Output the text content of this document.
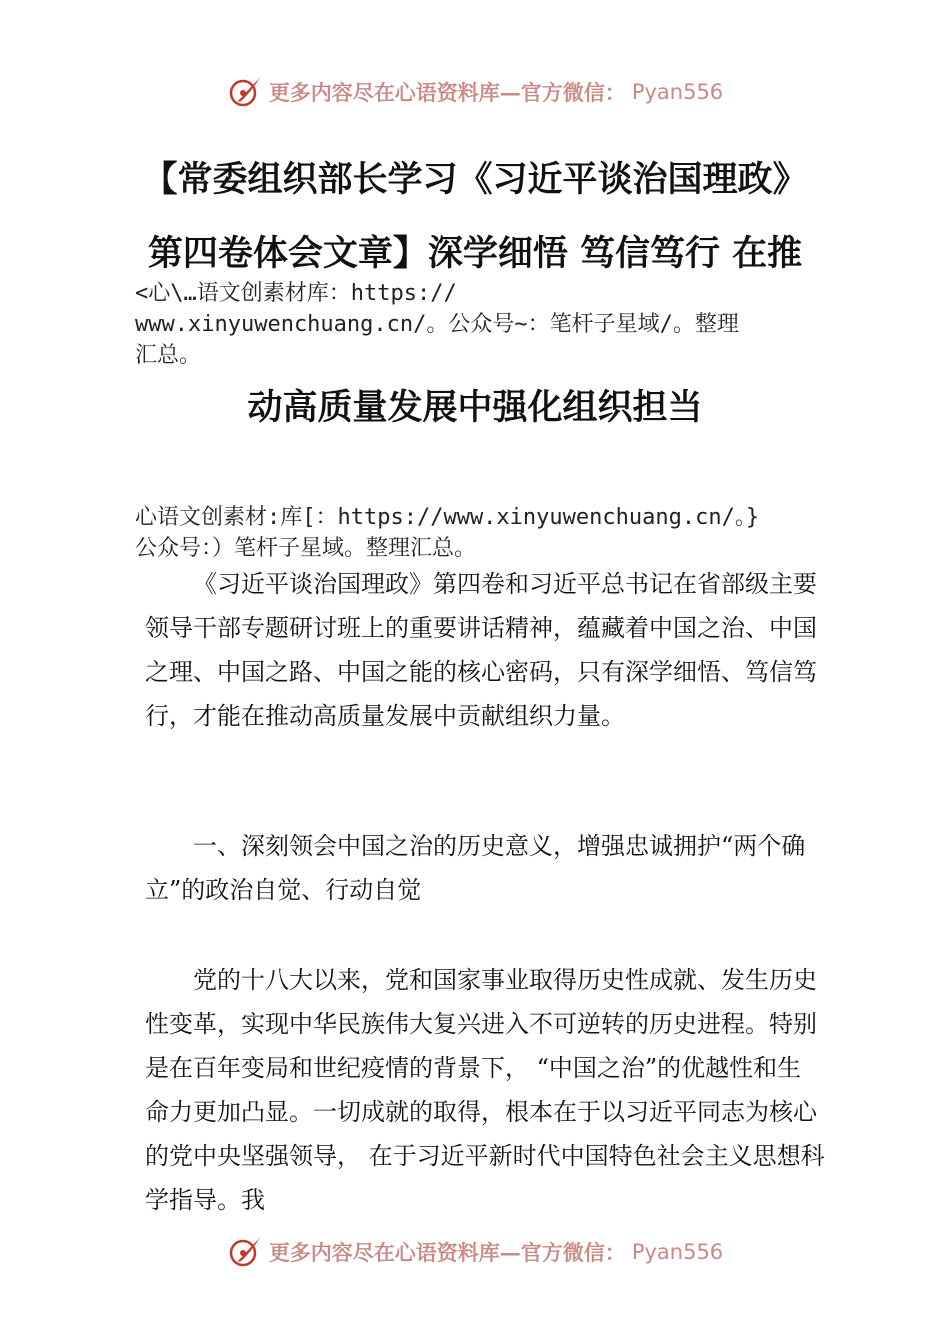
更多内容尽在心语资料库—官方微信： Pyan556
【常委组织部长学习《习近平谈治国理政》
第四卷体会文章】深学细悟 笃信笃行 在推
<心\…语文创素材库：https://
www.xinyuwenchuang.cn/。公众号~：笔杆子星域/。整理
汇总。
动高质量发展中强化组织担当
心语文创素材:库[：https://www.xinyuwenchuang.cn/。}
公众号：）笔杆子星域。整理汇总。
《习近平谈治国理政》第四卷和习近平总书记在省部级主要领导干部专题研讨班上的重要讲话精神，蕴藏着中国之治、中国之理、中国之路、中国之能的核心密码，只有深学细悟、笃信笃行，才能在推动高质量发展中贡献组织力量。
一、深刻领会中国之治的历史意义，增强忠诚拥护“两个确立”的政治自觉、行动自觉
党的十八大以来，党和国家事业取得历史性成就、发生历史性变革，实现中华民族伟大复兴进入不可逆转的历史进程。特别是在百年变局和世纪疫情的背景下， “中国之治”的优越性和生命力更加凸显。一切成就的取得，根本在于以习近平同志为核心的党中央坚强领导， 在于习近平新时代中国特色社会主义思想科学指导。我
更多内容尽在心语资料库—官方微信： Pyan556
